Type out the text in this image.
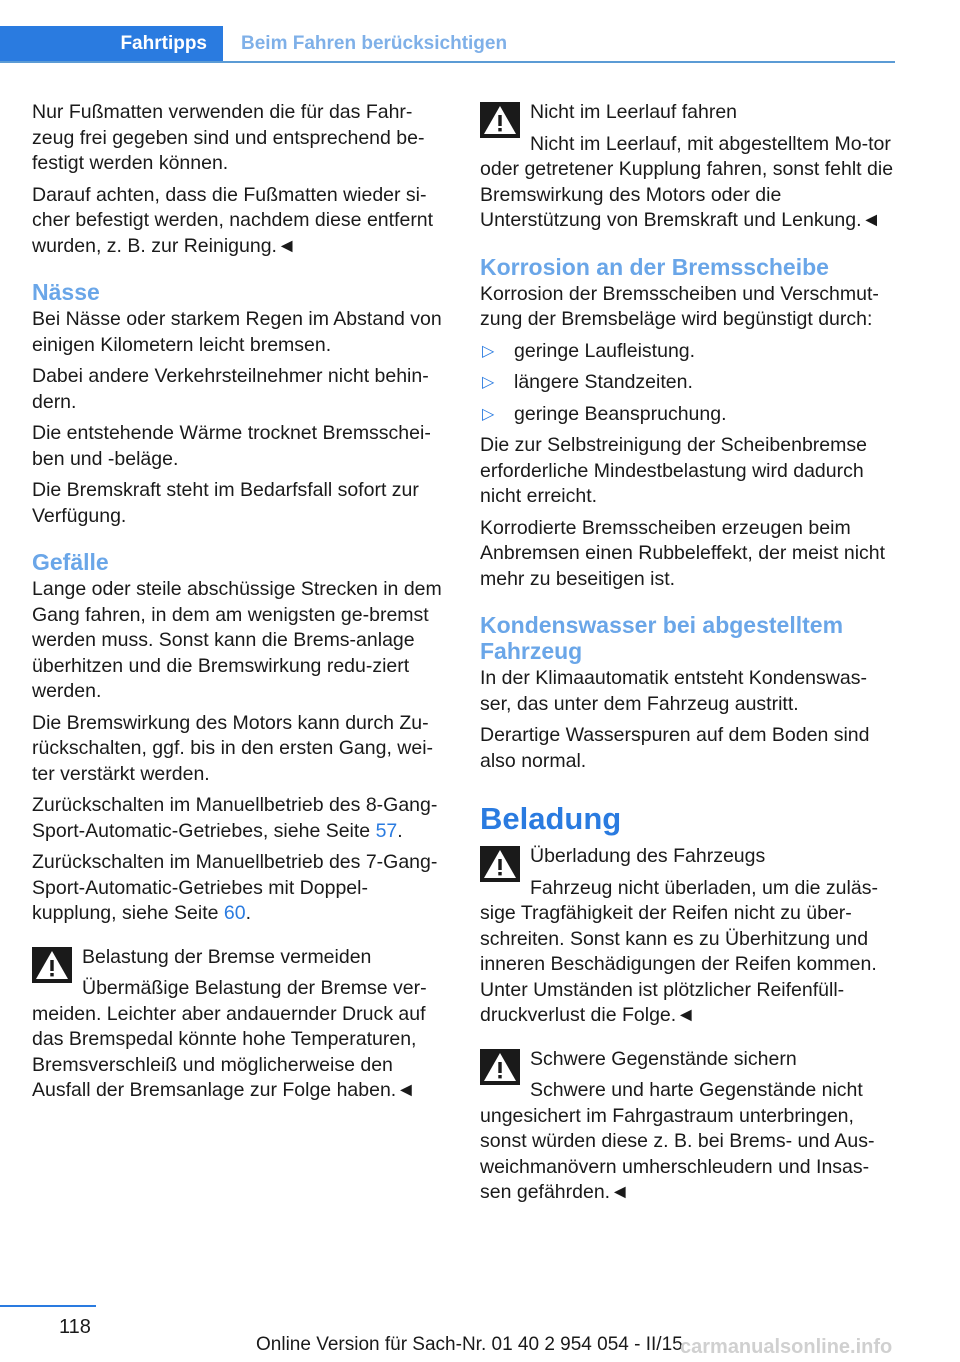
Fahrtipps	Beim Fahren berücksichtigen

Nur Fußmatten verwenden die für das Fahr-zeug frei gegeben sind und entsprechend be-festigt werden können.

Darauf achten, dass die Fußmatten wieder si-cher befestigt werden, nachdem diese entfernt wurden, z. B. zur Reinigung.◄

Nässe

Bei Nässe oder starkem Regen im Abstand von einigen Kilometern leicht bremsen.

Dabei andere Verkehrsteilnehmer nicht behin-dern.

Die entstehende Wärme trocknet Bremsschei-ben und -beläge.

Die Bremskraft steht im Bedarfsfall sofort zur Verfügung.

Gefälle

Lange oder steile abschüssige Strecken in dem Gang fahren, in dem am wenigsten ge-bremst werden muss. Sonst kann die Brems-anlage überhitzen und die Bremswirkung redu-ziert werden.

Die Bremswirkung des Motors kann durch Zu-rückschalten, ggf. bis in den ersten Gang, wei-ter verstärkt werden.

Zurückschalten im Manuellbetrieb des 8-Gang-Sport-Automatic-Getriebes, siehe Seite 57.

Zurückschalten im Manuellbetrieb des 7-Gang-Sport-Automatic-Getriebes mit Doppel-kupplung, siehe Seite 60.

Belastung der Bremse vermeiden
Übermäßige Belastung der Bremse ver-meiden. Leichter aber andauernder Druck auf das Bremspedal könnte hohe Temperaturen, Bremsverschleiß und möglicherweise den Ausfall der Bremsanlage zur Folge haben.◄
Nicht im Leerlauf fahren
Nicht im Leerlauf, mit abgestelltem Mo-tor oder getretener Kupplung fahren, sonst fehlt die Bremswirkung des Motors oder die Unterstützung von Bremskraft und Lenkung.◄
Korrosion an der Bremsscheibe

Korrosion der Bremsscheiben und Verschmut-zung der Bremsbeläge wird begünstigt durch:

▷ geringe Laufleistung.
▷ längere Standzeiten.
▷ geringe Beanspruchung.

Die zur Selbstreinigung der Scheibenbremse erforderliche Mindestbelastung wird dadurch nicht erreicht.

Korrodierte Bremsscheiben erzeugen beim Anbremsen einen Rubbeleffekt, der meist nicht mehr zu beseitigen ist.

Kondenswasser bei abgestelltem Fahrzeug

In der Klimaautomatik entsteht Kondenswas-ser, das unter dem Fahrzeug austritt.

Derartige Wasserspuren auf dem Boden sind also normal.

Beladung
Überladung des Fahrzeugs
Fahrzeug nicht überladen, um die zuläs-sige Tragfähigkeit der Reifen nicht zu über-schreiten. Sonst kann es zu Überhitzung und inneren Beschädigungen der Reifen kommen. Unter Umständen ist plötzlicher Reifenfüll-druckverlust die Folge.◄
Schwere Gegenstände sichern
Schwere und harte Gegenstände nicht ungesichert im Fahrgastraum unterbringen, sonst würden diese z. B. bei Brems- und Aus-weichmanövern umherschleudern und Insas-sen gefährden.◄
118
Online Version für Sach-Nr. 01 40 2 954 054 - II/15
carmanualsonline.info
